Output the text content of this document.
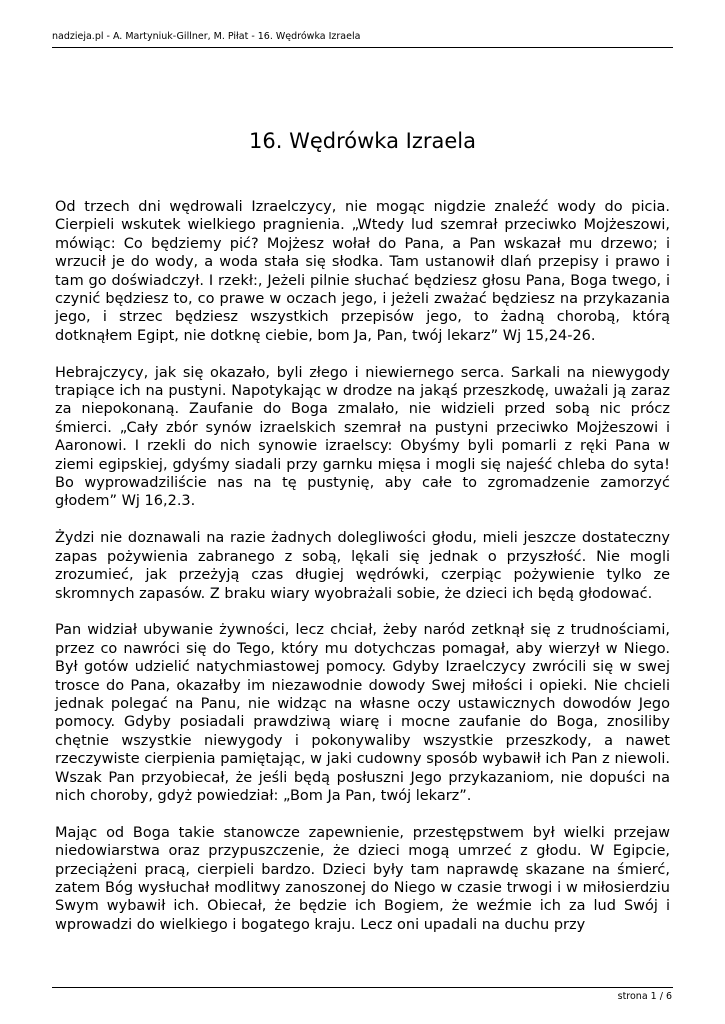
nadzieja.pl - A. Martyniuk-Gillner, M. Piłat - 16. Wędrówka Izraela
16. Wędrówka Izraela

Od trzech dni wędrowali Izraelczycy, nie mogąc nigdzie znaleźć wody do picia. Cierpieli wskutek wielkiego pragnienia. „Wtedy lud szemrał przeciwko Mojżeszowi, mówiąc: Co będziemy pić? Mojżesz wołał do Pana, a Pan wskazał mu drzewo; i wrzucił je do wody, a woda stała się słodka. Tam ustanowił dlań przepisy i prawo i tam go doświadczył. I rzekł:, Jeżeli pilnie słuchać będziesz głosu Pana, Boga twego, i czynić będziesz to, co prawe w oczach jego, i jeżeli zważać będziesz na przykazania jego, i strzec będziesz wszystkich przepisów jego, to żadną chorobą, którą dotknąłem Egipt, nie dotknę ciebie, bom Ja, Pan, twój lekarz” Wj 15,24-26.

Hebrajczycy, jak się okazało, byli złego i niewiernego serca. Sarkali na niewygody trapiące ich na pustyni. Napotykając w drodze na jakąś przeszkodę, uważali ją zaraz za niepokonaną. Zaufanie do Boga zmalało, nie widzieli przed sobą nic prócz śmierci. „Cały zbór synów izraelskich szemrał na pustyni przeciwko Mojżeszowi i Aaronowi. I rzekli do nich synowie izraelscy: Obyśmy byli pomarli z ręki Pana w ziemi egipskiej, gdyśmy siadali przy garnku mięsa i mogli się najeść chleba do syta! Bo wyprowadziliście nas na tę pustynię, aby całe to zgromadzenie zamorzyć głodem” Wj 16,2.3.

Żydzi nie doznawali na razie żadnych dolegliwości głodu, mieli jeszcze dostateczny zapas pożywienia zabranego z sobą, lękali się jednak o przyszłość. Nie mogli zrozumieć, jak przeżyją czas długiej wędrówki, czerpiąc pożywienie tylko ze skromnych zapasów. Z braku wiary wyobrażali sobie, że dzieci ich będą głodować.

Pan widział ubywanie żywności, lecz chciał, żeby naród zetknął się z trudnościami, przez co nawróci się do Tego, który mu dotychczas pomagał, aby wierzył w Niego. Był gotów udzielić natychmiastowej pomocy. Gdyby Izraelczycy zwrócili się w swej trosce do Pana, okazałby im niezawodnie dowody Swej miłości i opieki. Nie chcieli jednak polegać na Panu, nie widząc na własne oczy ustawicznych dowodów Jego pomocy. Gdyby posiadali prawdziwą wiarę i mocne zaufanie do Boga, znosiliby chętnie wszystkie niewygody i pokonywaliby wszystkie przeszkody, a nawet rzeczywiste cierpienia pamiętając, w jaki cudowny sposób wybawił ich Pan z niewoli. Wszak Pan przyobiecał, że jeśli będą posłuszni Jego przykazaniom, nie dopuści na nich choroby, gdyż powiedział: „Bom Ja Pan, twój lekarz”.

Mając od Boga takie stanowcze zapewnienie, przestępstwem był wielki przejaw niedowiarstwa oraz przypuszczenie, że dzieci mogą umrzeć z głodu. W Egipcie, przeciążeni pracą, cierpieli bardzo. Dzieci były tam naprawdę skazane na śmierć, zatem Bóg wysłuchał modlitwy zanoszonej do Niego w czasie trwogi i w miłosierdziu Swym wybawił ich. Obiecał, że będzie ich Bogiem, że weźmie ich za lud Swój i wprowadzi do wielkiego i bogatego kraju. Lecz oni upadali na duchu przy

strona 1 / 6
